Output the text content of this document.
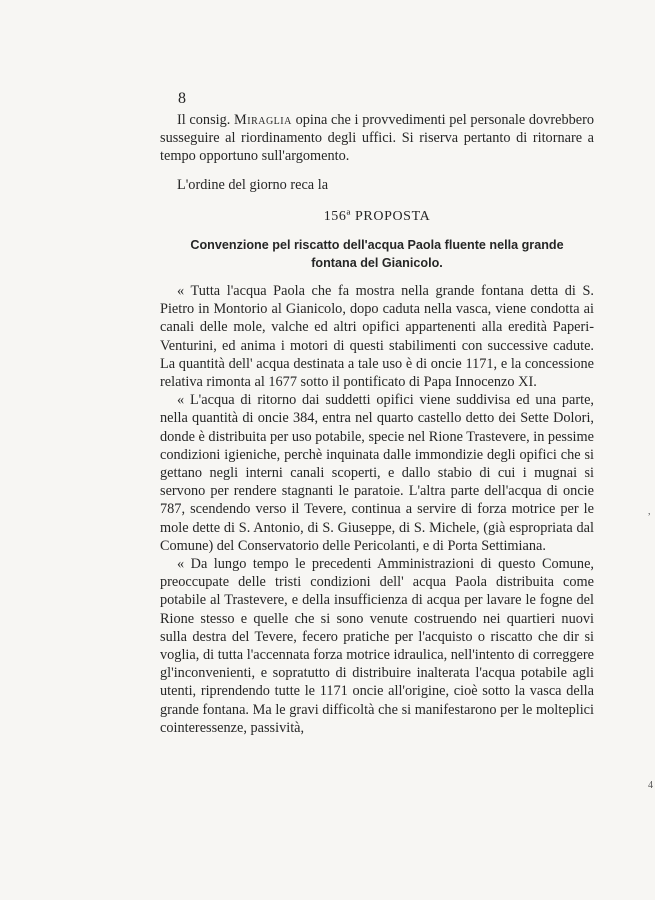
8

Il consig. Miraglia opina che i provvedimenti pel personale dovrebbero susseguire al riordinamento degli uffici. Si riserva pertanto di ritornare a tempo opportuno sull'argomento.

L'ordine del giorno reca la

156ª PROPOSTA
Convenzione pel riscatto dell'acqua Paola fluente nella grande fontana del Gianicolo.

« Tutta l'acqua Paola che fa mostra nella grande fontana detta di S. Pietro in Montorio al Gianicolo, dopo caduta nella vasca, viene condotta ai canali delle mole, valche ed altri opifici appartenenti alla eredità Paperi-Venturini, ed anima i motori di questi stabilimenti con successive cadute. La quantità dell' acqua destinata a tale uso è di oncie 1171, e la concessione relativa rimonta al 1677 sotto il pontificato di Papa Innocenzo XI.

« L'acqua di ritorno dai suddetti opifici viene suddivisa ed una parte, nella quantità di oncie 384, entra nel quarto castello detto dei Sette Dolori, donde è distribuita per uso potabile, specie nel Rione Trastevere, in pessime condizioni igieniche, perchè inquinata dalle immondizie degli opifici che si gettano negli interni canali scoperti, e dallo stabio di cui i mugnai si servono per rendere stagnanti le paratoie. L'altra parte dell'acqua di oncie 787, scendendo verso il Tevere, continua a servire di forza motrice per le mole dette di S. Antonio, di S. Giuseppe, di S. Michele, (già espropriata dal Comune) del Conservatorio delle Pericolanti, e di Porta Settimiana.

« Da lungo tempo le precedenti Amministrazioni di questo Comune, preoccupate delle tristi condizioni dell' acqua Paola distribuita come potabile al Trastevere, e della insufficienza di acqua per lavare le fogne del Rione stesso e quelle che si sono venute costruendo nei quartieri nuovi sulla destra del Tevere, fecero pratiche per l'acquisto o riscatto che dir si voglia, di tutta l'accennata forza motrice idraulica, nell'intento di correggere gl'inconvenienti, e sopratutto di distribuire inalterata l'acqua potabile agli utenti, riprendendo tutte le 1171 oncie all'origine, cioè sotto la vasca della grande fontana. Ma le gravi difficoltà che si manifestarono per le molteplici cointeressenze, passività,

,
4
